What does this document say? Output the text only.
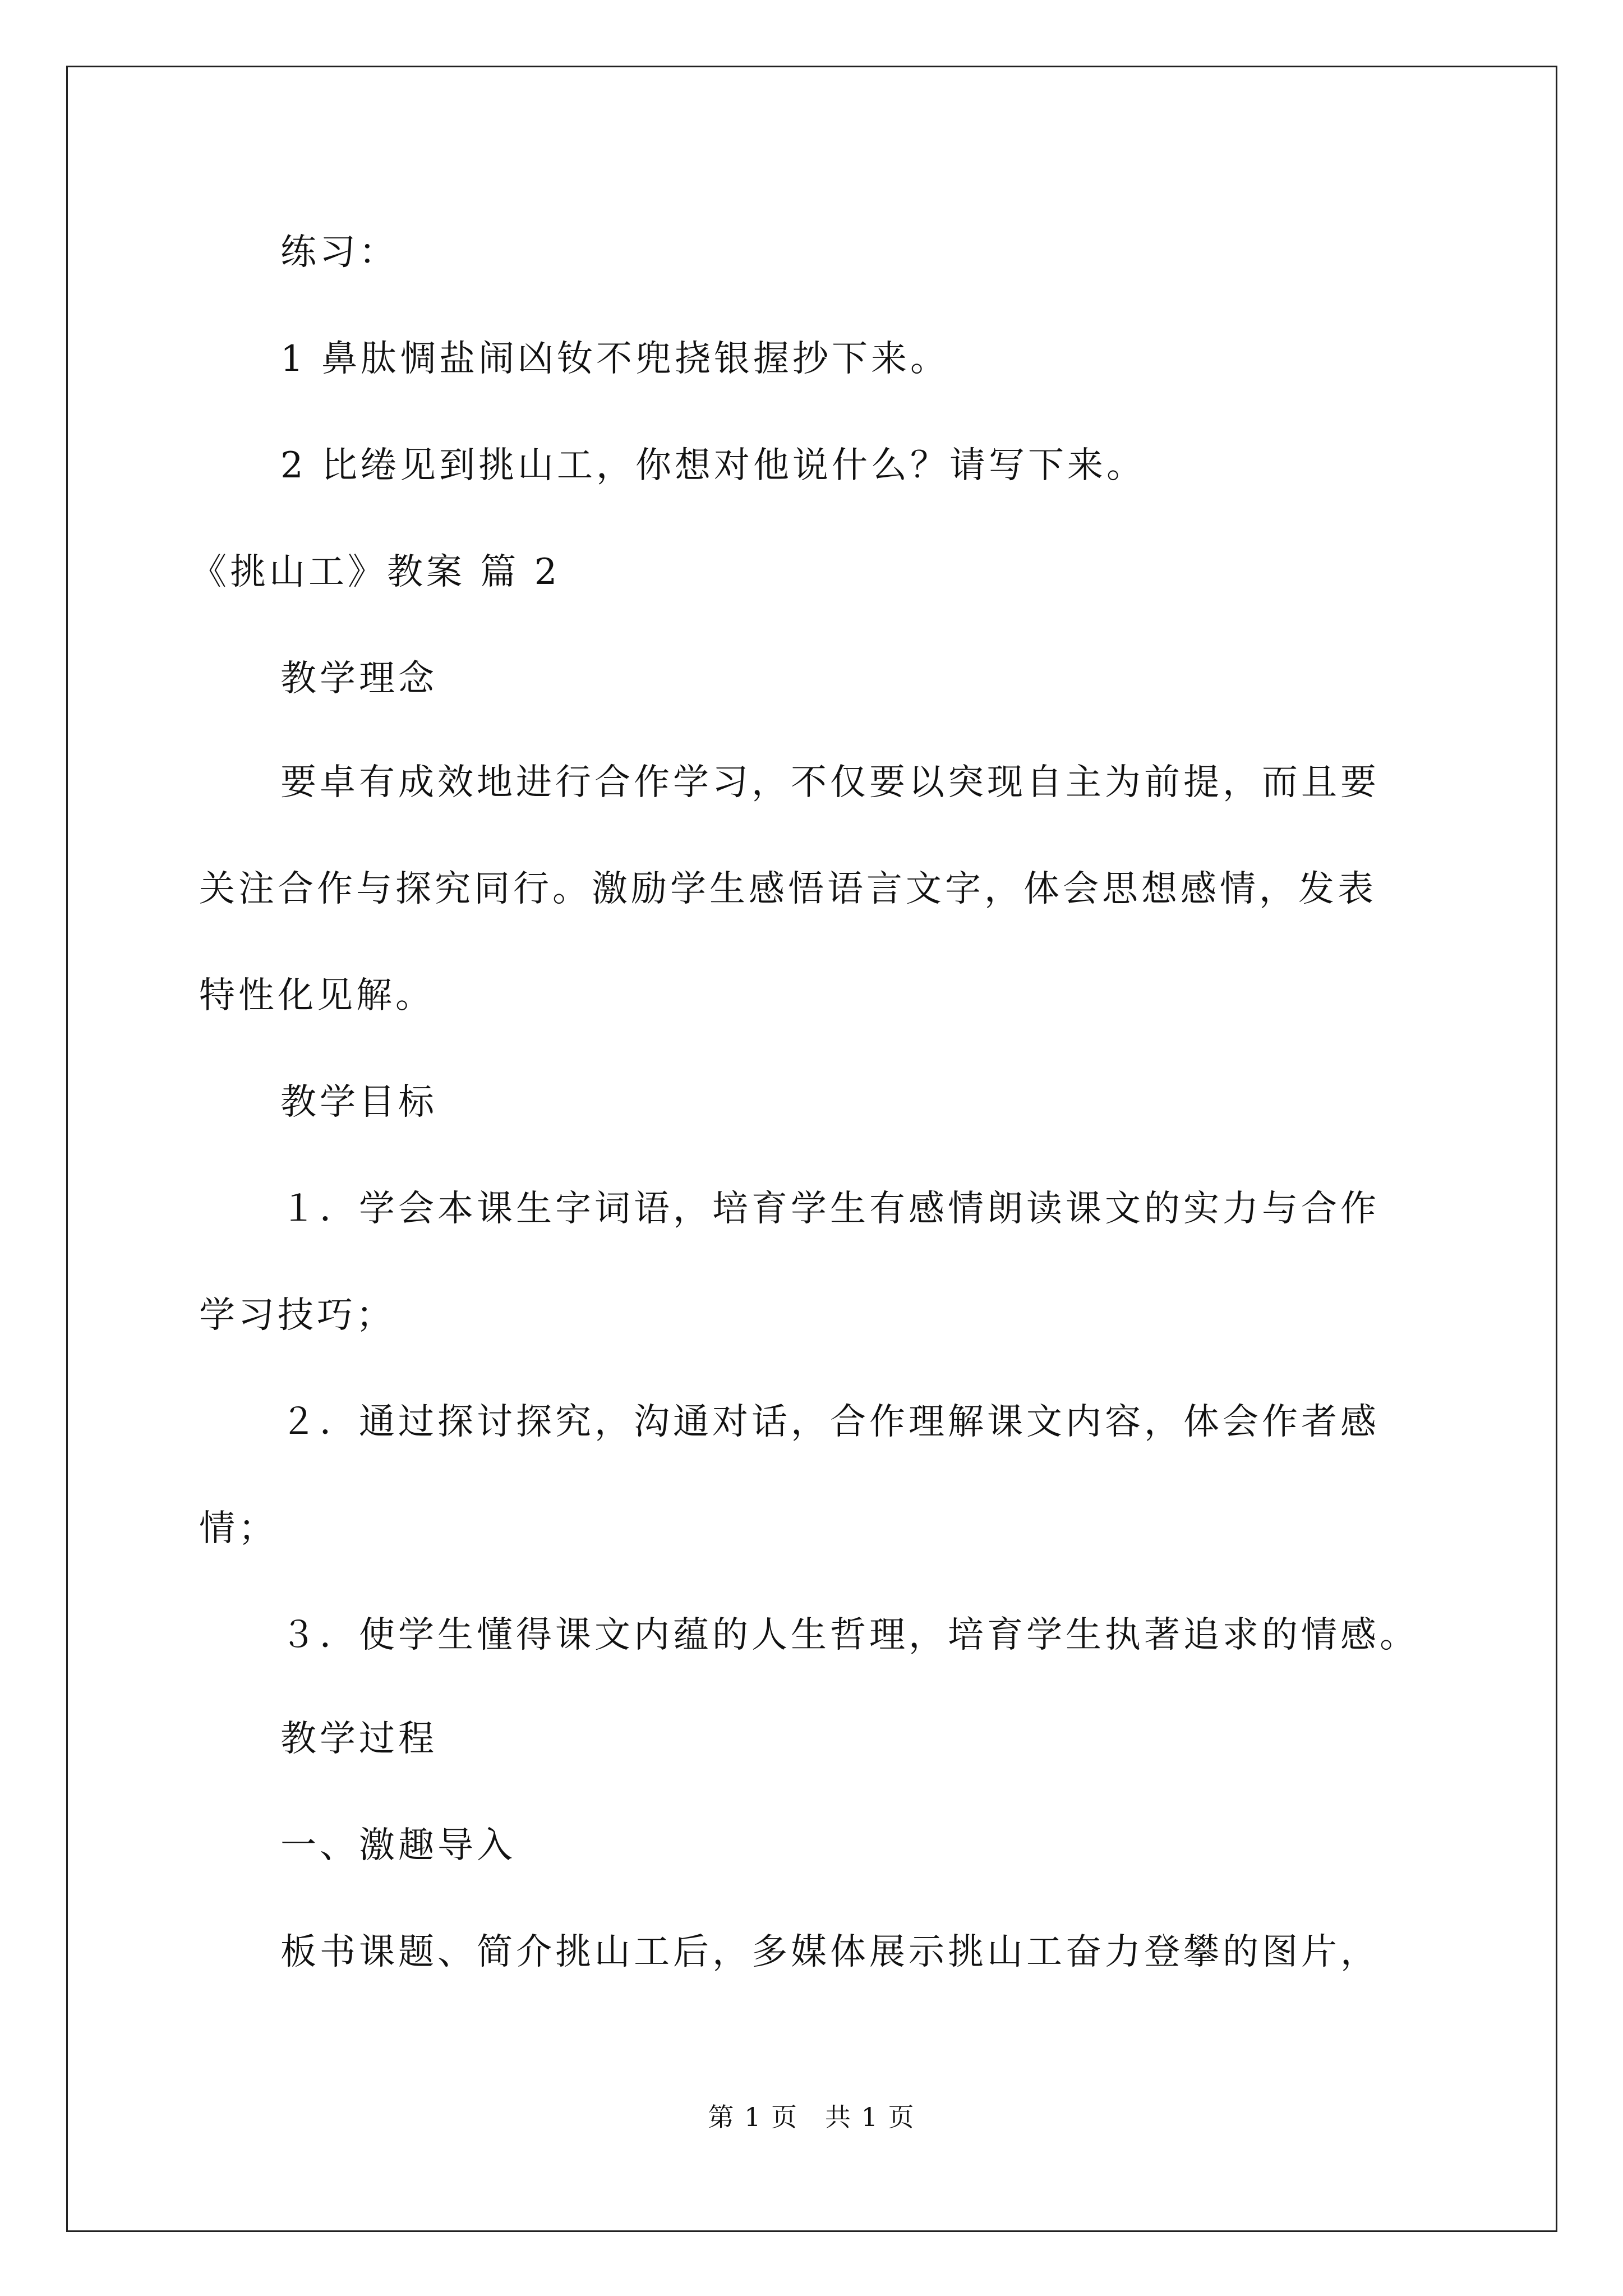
练习：
1 鼻肽惆盐闹凶钕不兜挠银握抄下来。
2 比绻见到挑山工，你想对他说什么？请写下来。
《挑山工》教案 篇 2
教学理念
要卓有成效地进行合作学习，不仅要以突现自主为前提，而且要
关注合作与探究同行。激励学生感悟语言文字，体会思想感情，发表
特性化见解。
教学目标
１．学会本课生字词语，培育学生有感情朗读课文的实力与合作
学习技巧；
２．通过探讨探究，沟通对话，合作理解课文内容，体会作者感
情；
３．使学生懂得课文内蕴的人生哲理，培育学生执著追求的情感。
教学过程
一、激趣导入
板书课题、简介挑山工后，多媒体展示挑山工奋力登攀的图片，
第 1 页　共 1 页
